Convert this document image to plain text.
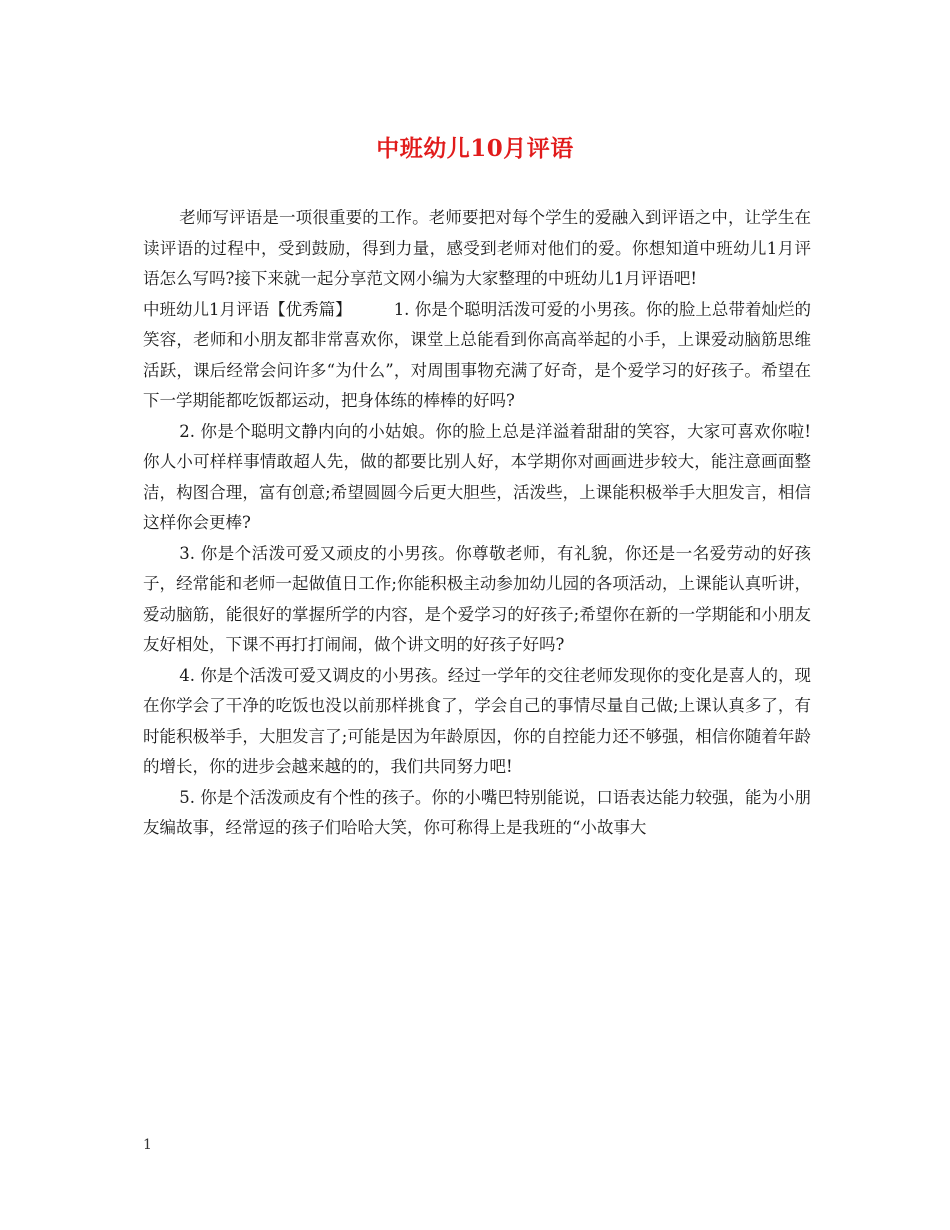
中班幼儿10月评语

老师写评语是一项很重要的工作。老师要把对每个学生的爱融入到评语之中，让学生在读评语的过程中，受到鼓励，得到力量，感受到老师对他们的爱。你想知道中班幼儿1月评语怎么写吗?接下来就一起分享范文网小编为大家整理的中班幼儿1月评语吧!

中班幼儿1月评语【优秀篇】	1. 你是个聪明活泼可爱的小男孩。你的脸上总带着灿烂的笑容，老师和小朋友都非常喜欢你，课堂上总能看到你高高举起的小手，上课爱动脑筋思维活跃，课后经常会问许多“为什么”，对周围事物充满了好奇，是个爱学习的好孩子。希望在下一学期能都吃饭都运动，把身体练的棒棒的好吗?

2. 你是个聪明文静内向的小姑娘。你的脸上总是洋溢着甜甜的笑容，大家可喜欢你啦!你人小可样样事情敢超人先，做的都要比别人好，本学期你对画画进步较大，能注意画面整洁，构图合理，富有创意;希望圆圆今后更大胆些，活泼些，上课能积极举手大胆发言，相信这样你会更棒?

3. 你是个活泼可爱又顽皮的小男孩。你尊敬老师，有礼貌，你还是一名爱劳动的好孩子，经常能和老师一起做值日工作;你能积极主动参加幼儿园的各项活动，上课能认真听讲，爱动脑筋，能很好的掌握所学的内容，是个爱学习的好孩子;希望你在新的一学期能和小朋友友好相处，下课不再打打闹闹，做个讲文明的好孩子好吗?

4. 你是个活泼可爱又调皮的小男孩。经过一学年的交往老师发现你的变化是喜人的，现在你学会了干净的吃饭也没以前那样挑食了，学会自己的事情尽量自己做;上课认真多了，有时能积极举手，大胆发言了;可能是因为年龄原因，你的自控能力还不够强，相信你随着年龄的增长，你的进步会越来越的的，我们共同努力吧!

5. 你是个活泼顽皮有个性的孩子。你的小嘴巴特别能说，口语表达能力较强，能为小朋友编故事，经常逗的孩子们哈哈大笑，你可称得上是我班的“小故事大

1
